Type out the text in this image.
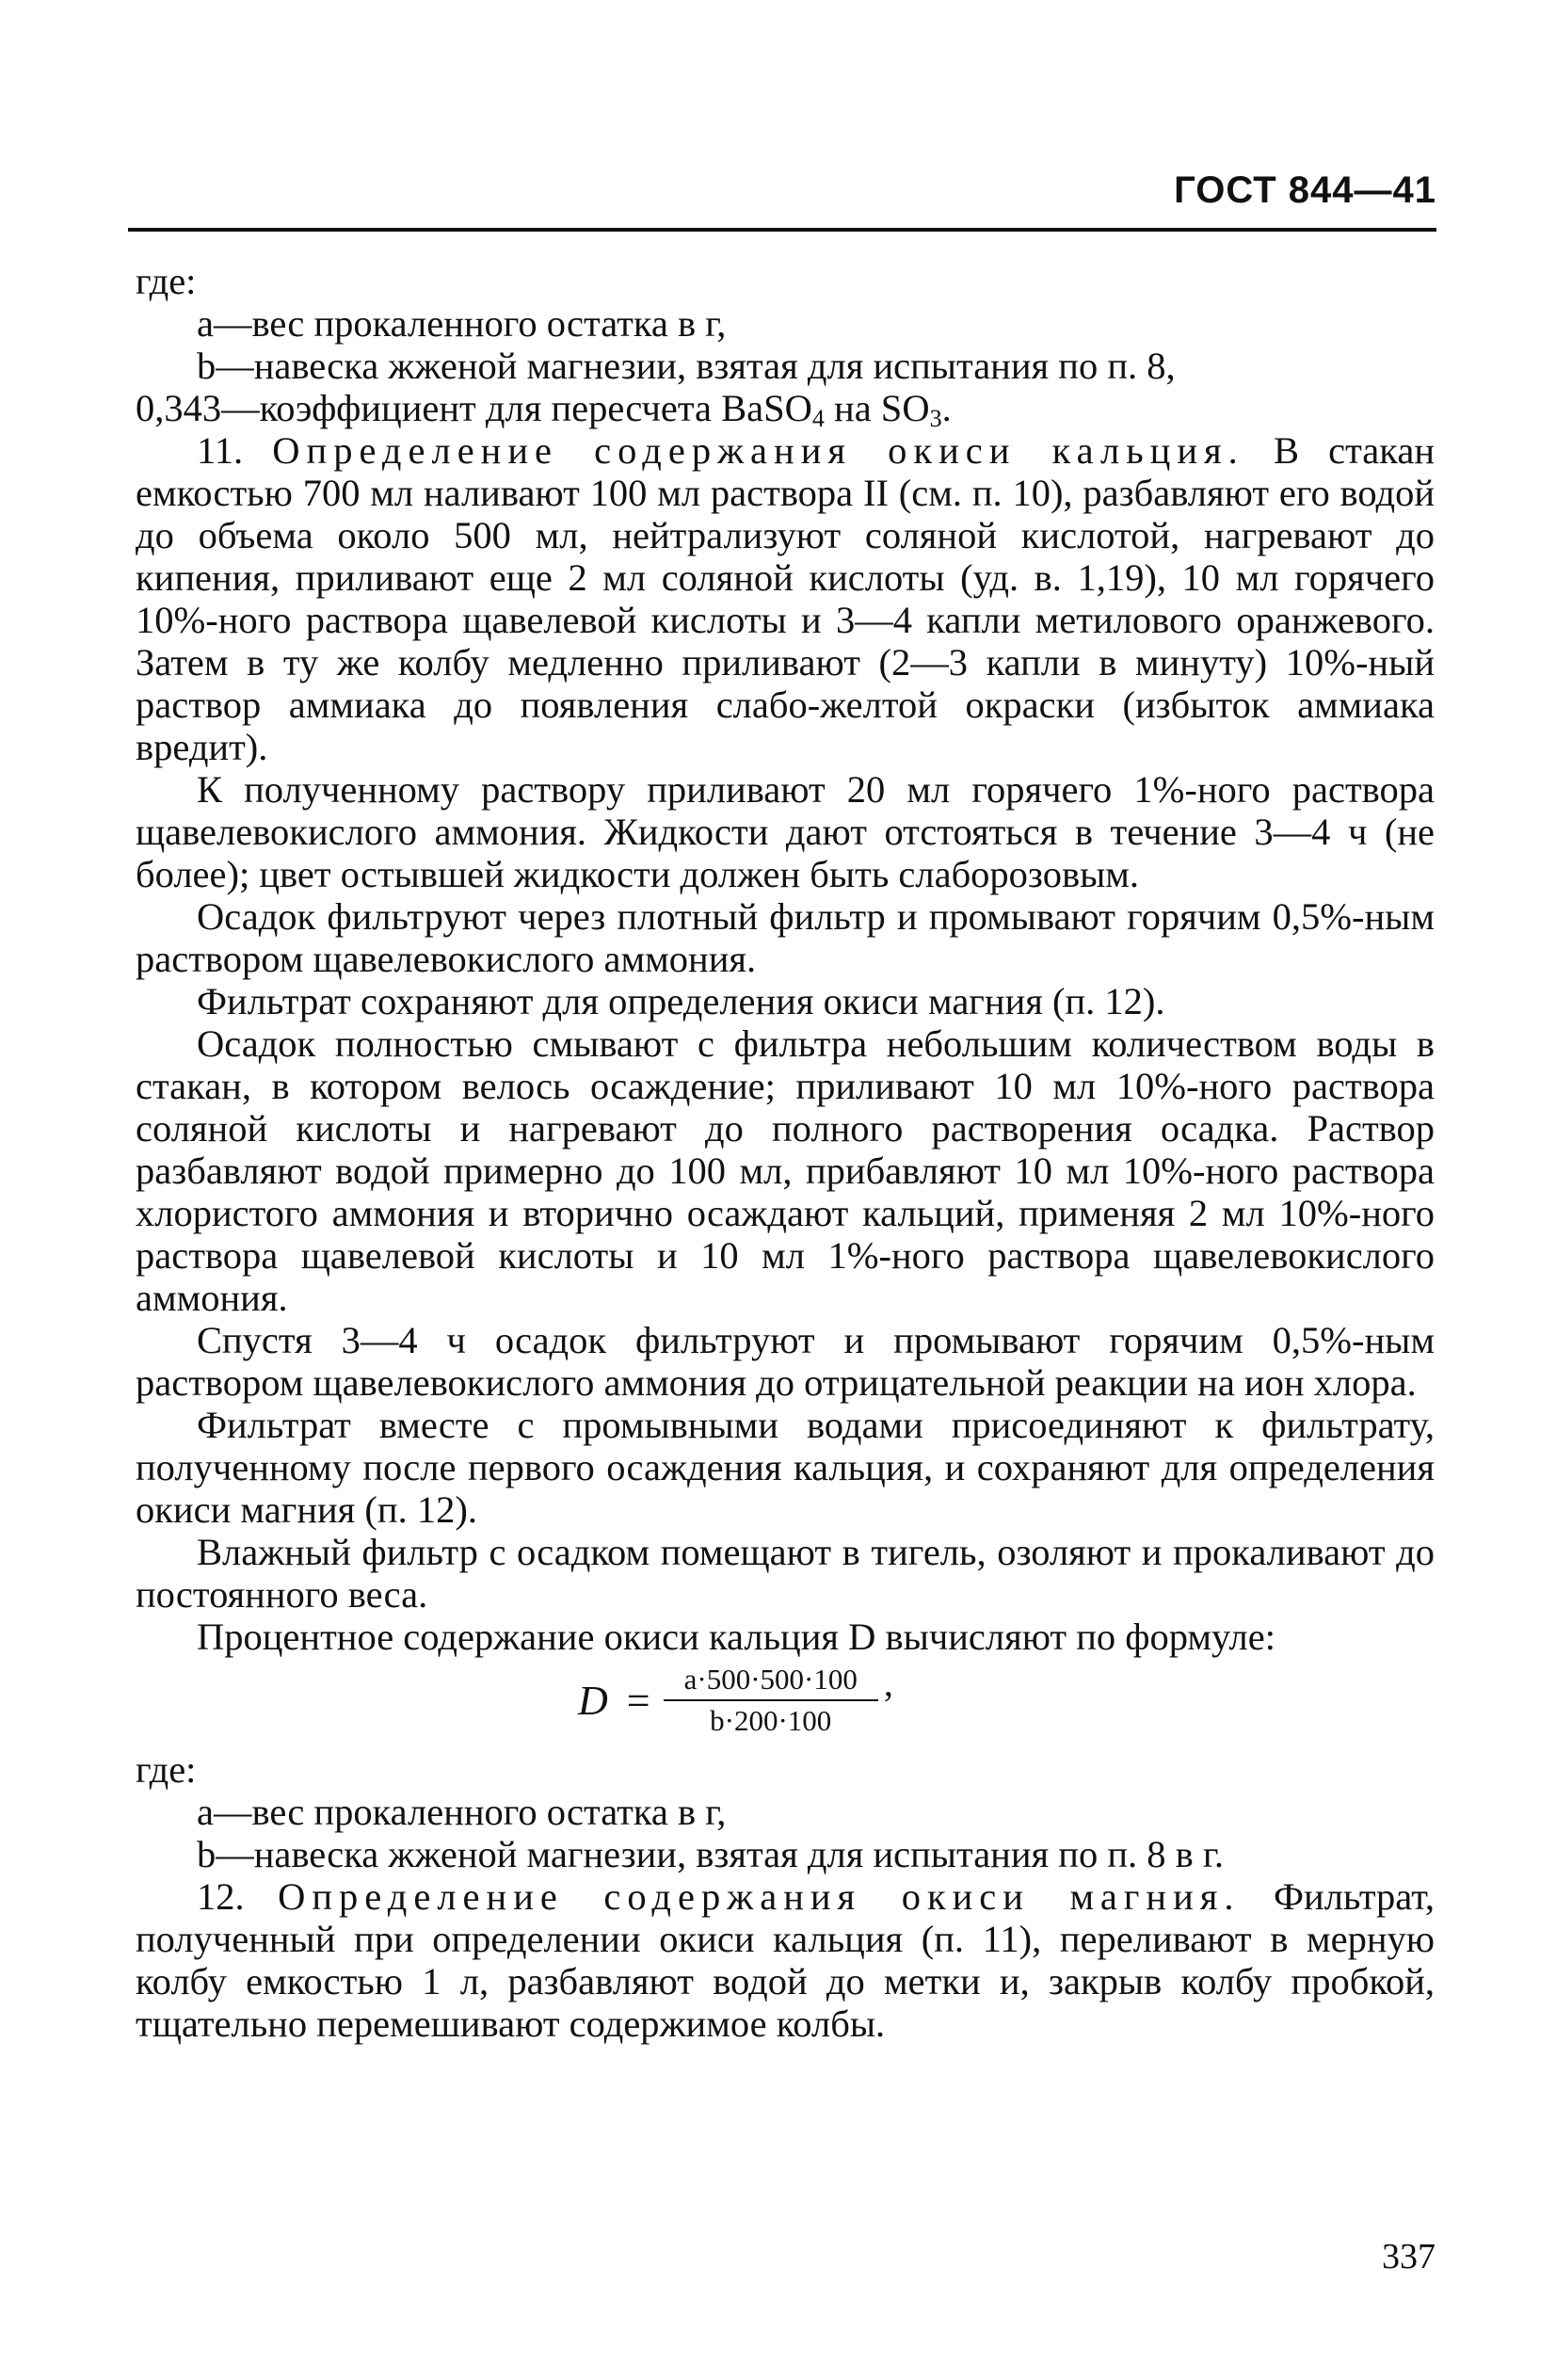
ГОСТ 844—41

где:

a—вес прокаленного остатка в г,

b—навеска жженой магнезии, взятая для испытания по п. 8,

0,343—коэффициент для пересчета BaSO$_4$ на $SO_3$.

11. Определение содержания окиси кальция. В стакан емкостью 700 мл наливают 100 мл раствора II (см. п. 10), разбавляют его водой до объема около 500 мл, нейтрализуют соляной кислотой, нагревают до кипения, приливают еще 2 мл соляной кислоты (уд. в. 1,19), 10 мл горячего 10%-ного раствора щавелевой кислоты и 3—4 капли метилового оранжевого. Затем в ту же колбу медленно приливают (2—3 капли в минуту) 10%-ный раствор аммиака до появления слабо-желтой окраски (избыток аммиака вредит).

К полученному раствору приливают 20 мл горячего 1%-ного раствора щавелевокислого аммония. Жидкости дают отстояться в течение 3—4 ч (не более); цвет остывшей жидкости должен быть слаборозовым.

Осадок фильтруют через плотный фильтр и промывают горячим 0,5%-ным раствором щавелевокислого аммония.

Фильтрат сохраняют для определения окиси магния (п. 12).

Осадок полностью смывают с фильтра небольшим количеством воды в стакан, в котором велось осаждение; приливают 10 мл 10%-ного раствора соляной кислоты и нагревают до полного растворения осадка. Раствор разбавляют водой примерно до 100 мл, прибавляют 10 мл 10%-ного раствора хлористого аммония и вторично осаждают кальций, применяя 2 мл 10%-ного раствора щавелевой кислоты и 10 мл 1%-ного раствора щавелевокислого аммония.

Спустя 3—4 ч осадок фильтруют и промывают горячим 0,5%-ным раствором щавелевокислого аммония до отрицательной реакции на ион хлора.

Фильтрат вместе с промывными водами присоединяют к фильтрату, полученному после первого осаждения кальция, и сохраняют для определения окиси магния (п. 12).

Влажный фильтр с осадком помещают в тигель, озоляют и прокаливают до постоянного веса.

Процентное содержание окиси кальция D вычисляют по формуле:

$D = \frac{a\cdot 500\cdot 500\cdot 100}{b\cdot 200\cdot 100}$ ,

где:

a—вес прокаленного остатка в г,

b—навеска жженой магнезии, взятая для испытания по п. 8 в г.

12. Определение содержания окиси магния. Фильтрат, полученный при определении окиси кальция (п. 11), переливают в мерную колбу емкостью 1 л, разбавляют водой до метки и, закрыв колбу пробкой, тщательно перемешивают содержимое колбы.

337
